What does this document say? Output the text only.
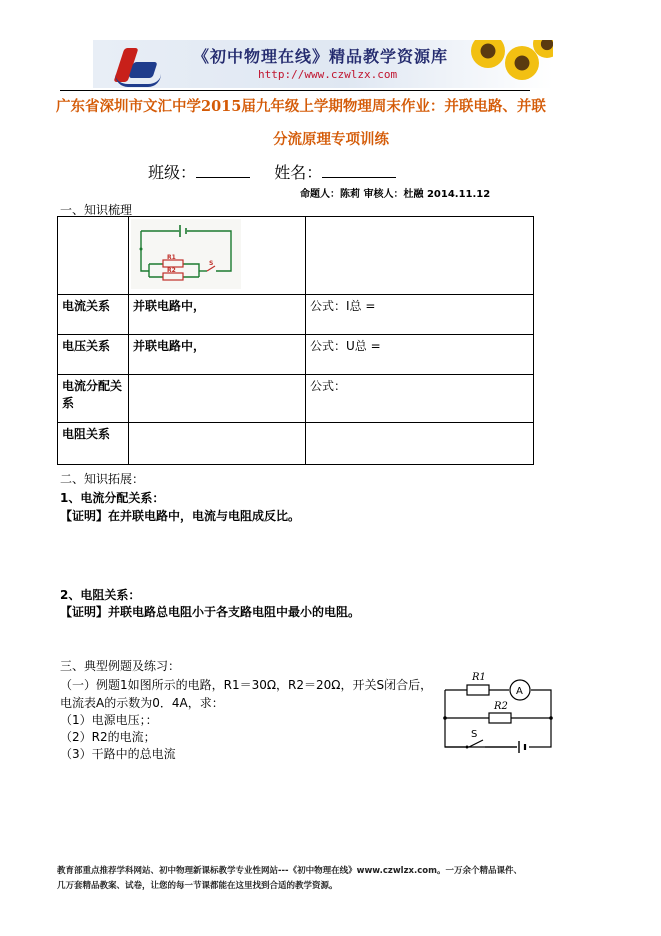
《初中物理在线》精品教学资源库
http://www.czwlzx.com
广东省深圳市文汇中学2015届九年级上学期物理周末作业：并联电路、并联
分流原理专项训练
班级：	姓名：
命题人：陈莉 审核人：杜融 2014.11.12
一、知识梳理

R1
R2
S	

电流关系	并联电路中，	公式：I总 =
电压关系	并联电路中，	公式：U总 =
电流分配关系		公式：
电阻关系		
二、知识拓展：
1、电流分配关系：
【证明】在并联电路中，电流与电阻成反比。
2、电阻关系：
【证明】并联电路总电阻小于各支路电阻中最小的电阻。
三、典型例题及练习：
（一）例题1如图所示的电路，R1＝30Ω，R2＝20Ω，开关S闭合后，
电流表A的示数为0．4A，求：
（1）电源电压；：
（2）R2的电流；
（3）干路中的总电流
R1
R2
A
S
教育部重点推荐学科网站、初中物理新课标教学专业性网站---《初中物理在线》www.czwlzx.com。一万余个精品课件、
几万套精品教案、试卷，让您的每一节课都能在这里找到合适的教学资源。
